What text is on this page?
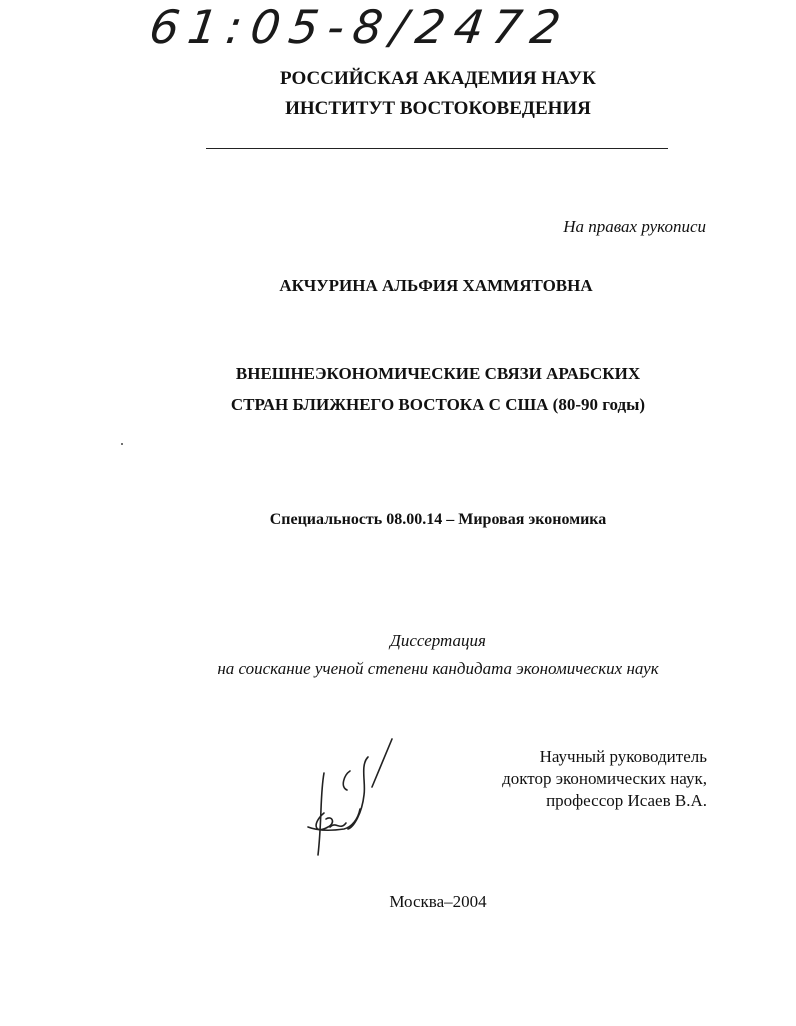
61:05-8/2472
РОССИЙСКАЯ АКАДЕМИЯ НАУК
ИНСТИТУТ ВОСТОКОВЕДЕНИЯ
На правах рукописи
АКЧУРИНА АЛЬФИЯ ХАММЯТОВНА
ВНЕШНЕЭКОНОМИЧЕСКИЕ СВЯЗИ АРАБСКИХ
СТРАН БЛИЖНЕГО ВОСТОКА С США (80-90 годы)
Специальность 08.00.14 – Мировая экономика
Диссертация
на соискание ученой степени кандидата экономических наук
Научный руководитель
доктор экономических наук,
профессор Исаев В.А.
Москва–2004
